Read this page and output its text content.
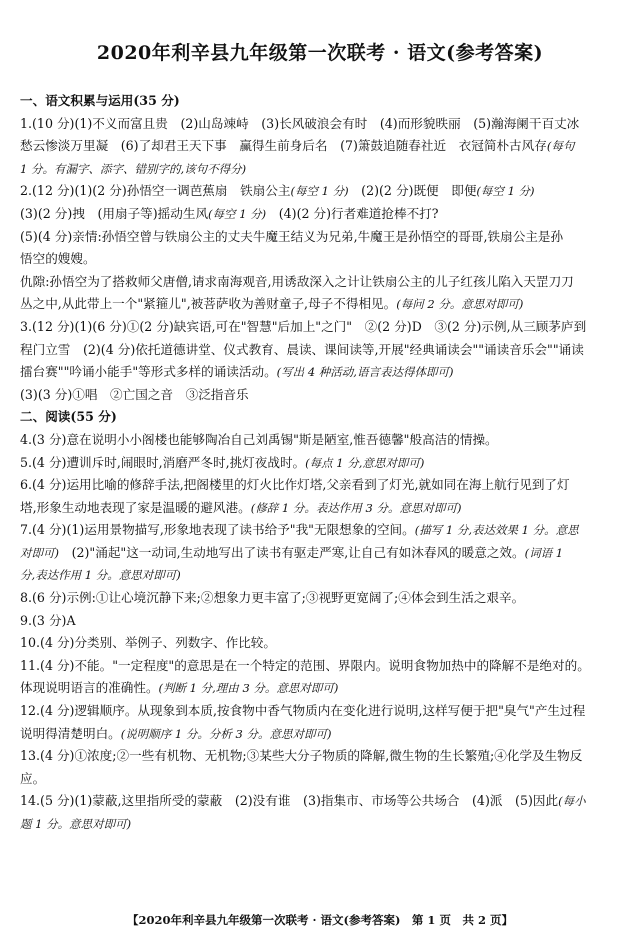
2020年利辛县九年级第一次联考 · 语文(参考答案)
一、语文积累与运用(35 分)
1.(10 分)(1)不义而富且贵　(2)山岛竦峙　(3)长风破浪会有时　(4)而形貌昳丽　(5)瀚海阑干百丈冰
愁云惨淡万里凝　(6)了却君王天下事　赢得生前身后名　(7)箫鼓追随春社近　衣冠简朴古风存(每句
1 分。有漏字、添字、错别字的,该句不得分)
2.(12 分)(1)(2 分)孙悟空一调芭蕉扇　铁扇公主(每空 1 分)　 (2)(2 分)既便　即便(每空 1 分)
(3)(2 分)拽　(用扇子等)摇动生风(每空 1 分)　 (4)(2 分)行者难道抢棒不打?
(5)(4 分)亲情:孙悟空曾与铁扇公主的丈夫牛魔王结义为兄弟,牛魔王是孙悟空的哥哥,铁扇公主是孙
悟空的嫂嫂。
仇隙:孙悟空为了搭救师父唐僧,请求南海观音,用诱敌深入之计让铁扇公主的儿子红孩儿陷入天罡刀刀
丛之中,从此带上一个"紧箍儿",被菩萨收为善财童子,母子不得相见。(每问 2 分。意思对即可)
3.(12 分)(1)(6 分)①(2 分)缺宾语,可在"智慧"后加上"之门"　②(2 分)D　③(2 分)示例,从三顾茅庐到
程门立雪　(2)(4 分)依托道德讲堂、仪式教育、晨读、课间读等,开展"经典诵读会""诵读音乐会""诵读
擂台赛""吟诵小能手"等形式多样的诵读活动。(写出 4 种活动,语言表达得体即可)
(3)(3 分)①唱　②亡国之音　③泛指音乐
二、阅读(55 分)
4.(3 分)意在说明小小阁楼也能够陶冶自己刘禹锡"斯是陋室,惟吾德馨"般高洁的情操。
5.(4 分)遭训斥时,闹眼时,消磨严冬时,挑灯夜战时。(每点 1 分,意思对即可)
6.(4 分)运用比喻的修辞手法,把阁楼里的灯火比作灯塔,父亲看到了灯光,就如同在海上航行见到了灯
塔,形象生动地表现了家是温暖的避风港。(修辞 1 分。表达作用 3 分。意思对即可)
7.(4 分)(1)运用景物描写,形象地表现了读书给予"我"无限想象的空间。(描写 1 分,表达效果 1 分。意思
对即可)　 (2)"涌起"这一动词,生动地写出了读书有驱走严寒,让自己有如沐春风的暖意之效。(词语 1
分,表达作用 1 分。意思对即可)
8.(6 分)示例:①让心境沉静下来;②想象力更丰富了;③视野更宽阔了;④体会到生活之艰辛。
9.(3 分)A
10.(4 分)分类别、举例子、列数字、作比较。
11.(4 分)不能。"一定程度"的意思是在一个特定的范围、界限内。说明食物加热中的降解不是绝对的。
体现说明语言的准确性。(判断 1 分,理由 3 分。意思对即可)
12.(4 分)逻辑顺序。从现象到本质,按食物中香气物质内在变化进行说明,这样写便于把"臭气"产生过程
说明得清楚明白。(说明顺序 1 分。分析 3 分。意思对即可)
13.(4 分)①浓度;②一些有机物、无机物;③某些大分子物质的降解,微生物的生长繁殖;④化学及生物反
应。
14.(5 分)(1)蒙蔽,这里指所受的蒙蔽　(2)没有谁　(3)指集市、市场等公共场合　(4)派　(5)因此(每小
题 1 分。意思对即可)
【2020年利辛县九年级第一次联考 · 语文(参考答案)　第 1 页　共 2 页】
